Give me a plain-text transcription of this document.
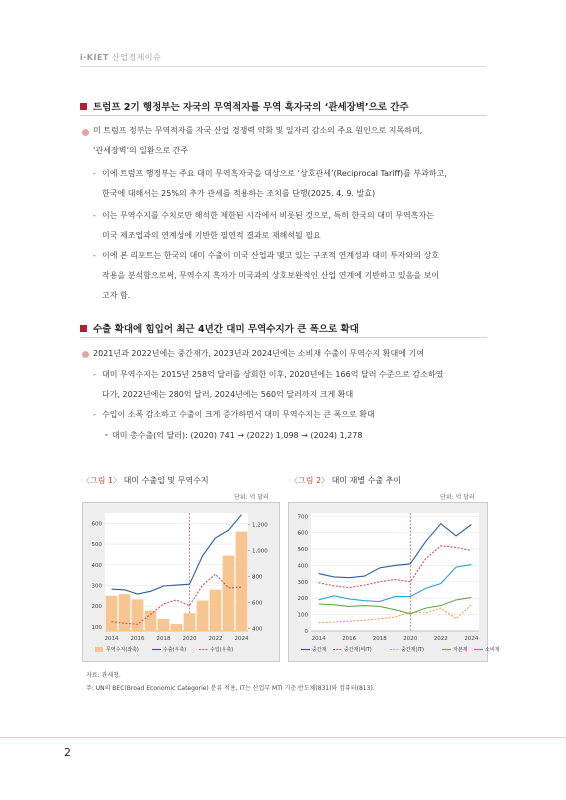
i·KIET 산업경제이슈
트럼프 2기 행정부는 자국의 무역적자를 무역 흑자국의 ‘관세장벽’으로 간주
미 트럼프 정부는 무역적자를 자국 산업 경쟁력 약화 및 일자리 감소의 주요 원인으로 지목하며,
‘관세장벽’의 일환으로 간주
- 이에 트럼프 행정부는 주요 대미 무역흑자국을 대상으로 ‘상호관세’(Reciprocal Tariff)를 부과하고,
한국에 대해서는 25%의 추가 관세를 적용하는 조치를 단행(2025. 4. 9. 발효)
- 이는 무역수지를 수치로만 해석한 제한된 시각에서 비롯된 것으로, 특히 한국의 대미 무역흑자는
미국 제조업과의 연계성에 기반한 필연적 결과로 재해석될 필요
- 이에 본 리포트는 한국의 대미 수출이 미국 산업과 맺고 있는 구조적 연계성과 대미 투자와의 상호
작용을 분석함으로써, 무역수지 흑자가 미국과의 상호보완적인 산업 연계에 기반하고 있음을 보이
고자 함.
수출 확대에 힘입어 최근 4년간 대미 무역수지가 큰 폭으로 확대
2021년과 2022년에는 중간재가, 2023년과 2024년에는 소비재 수출이 무역수지 확대에 기여
- 대미 무역수지는 2015년 258억 달러를 상회한 이후, 2020년에는 166억 달러 수준으로 감소하였
다가, 2022년에는 280억 달러, 2024년에는 560억 달러까지 크게 확대
- 수입이 소폭 감소하고 수출이 크게 증가하면서 대미 무역수지는 큰 폭으로 확대
• 대미 총수출(억 달러): (2020) 741 → (2022) 1,098 → (2024) 1,278
〈그림 1〉 대미 수출입 및 무역수지
단위: 억 달러
100
200
300
400
500
600
400
600
800
1,000
1,200
2014 2016 2018 2020 2022 2024
무역수지(좌축)	수출(우축)	수입(우축)
〈그림 2〉 대미 재별 수출 추이
단위: 억 달러
0
100
200
300
400
500
600
700
2014	2016	2018	2020	2022	2024
중간재	중간재(비IT)	중간재(IT)	자본재	소비재
자료: 관세청.
주: UN의 BEC(Broad Economic Categorie) 분류 적용, IT는 산업부 MTI 기준 반도체(831)와 컴퓨터(813).
2
